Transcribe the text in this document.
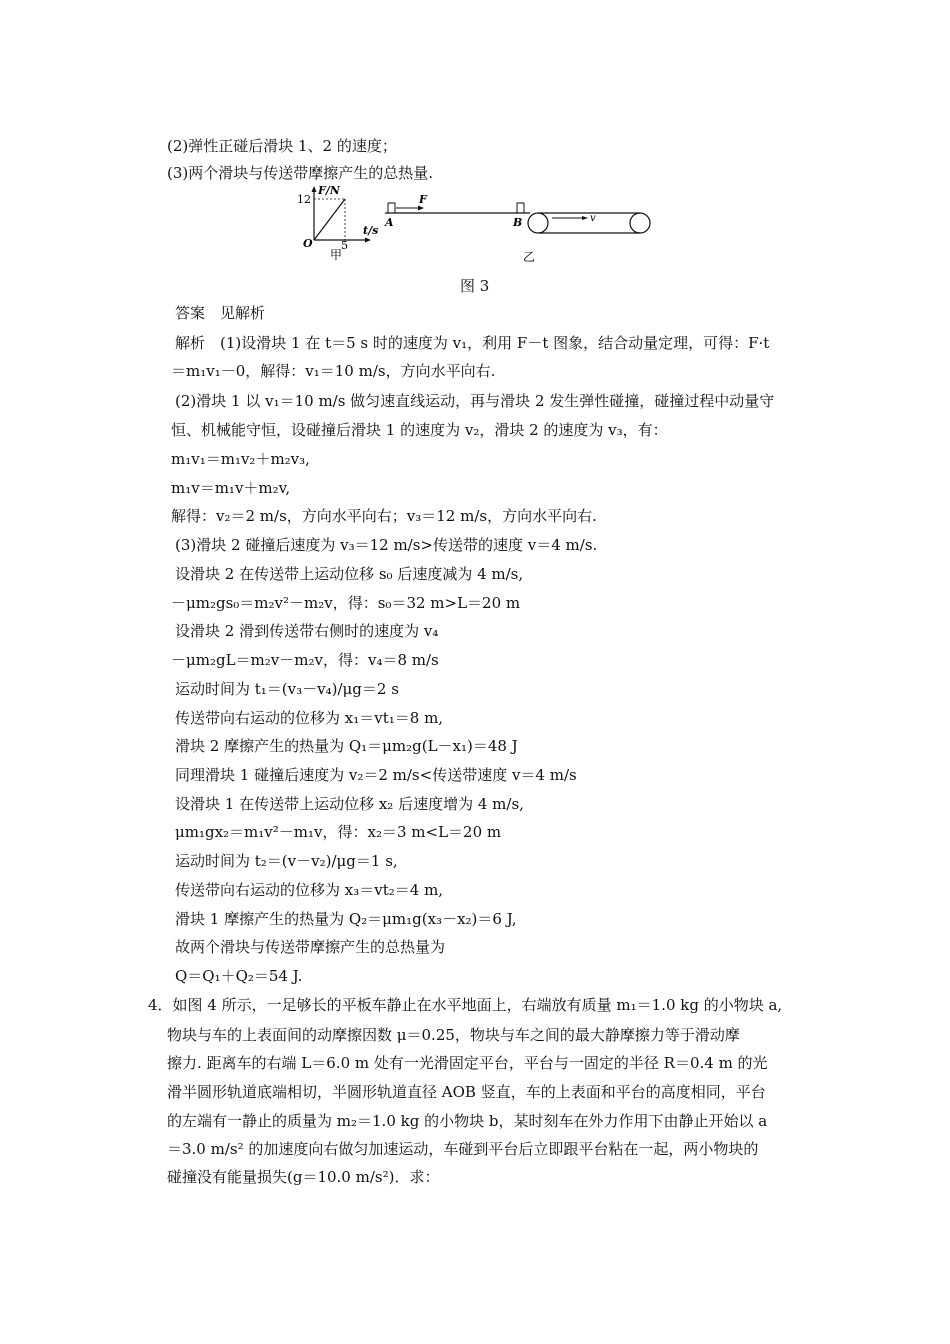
(2)弹性正碰后滑块 1、2 的速度；
(3)两个滑块与传送带摩擦产生的总热量.
F/N
12
O	5
t/s
甲
F
A	B	v
乙
图 3
答案　见解析
解析　(1)设滑块 1 在 t＝5 s 时的速度为 v₁，利用 F－t 图象，结合动量定理，可得：F·t
＝m₁v₁－0，解得：v₁＝10 m/s，方向水平向右.
(2)滑块 1 以 v₁＝10 m/s 做匀速直线运动，再与滑块 2 发生弹性碰撞，碰撞过程中动量守
恒、机械能守恒，设碰撞后滑块 1 的速度为 v₂，滑块 2 的速度为 v₃，有：
m₁v₁＝m₁v₂＋m₂v₃,
m₁v＝m₁v＋m₂v,
解得：v₂＝2 m/s，方向水平向右；v₃＝12 m/s，方向水平向右.
(3)滑块 2 碰撞后速度为 v₃＝12 m/s>传送带的速度 v＝4 m/s.
设滑块 2 在传送带上运动位移 s₀ 后速度减为 4 m/s,
－μm₂gs₀＝m₂v²－m₂v，得：s₀＝32 m>L＝20 m
设滑块 2 滑到传送带右侧时的速度为 v₄
－μm₂gL＝m₂v－m₂v，得：v₄＝8 m/s
运动时间为 t₁＝(v₃－v₄)/μg＝2 s
传送带向右运动的位移为 x₁＝vt₁＝8 m,
滑块 2 摩擦产生的热量为 Q₁＝μm₂g(L－x₁)＝48 J
同理滑块 1 碰撞后速度为 v₂＝2 m/s<传送带速度 v＝4 m/s
设滑块 1 在传送带上运动位移 x₂ 后速度增为 4 m/s,
μm₁gx₂＝m₁v²－m₁v，得：x₂＝3 m<L＝20 m
运动时间为 t₂＝(v－v₂)/μg＝1 s,
传送带向右运动的位移为 x₃＝vt₂＝4 m,
滑块 1 摩擦产生的热量为 Q₂＝μm₁g(x₃－x₂)＝6 J,
故两个滑块与传送带摩擦产生的总热量为
Q＝Q₁＋Q₂＝54 J.
4．如图 4 所示，一足够长的平板车静止在水平地面上，右端放有质量 m₁＝1.0 kg 的小物块 a,
物块与车的上表面间的动摩擦因数 μ＝0.25，物块与车之间的最大静摩擦力等于滑动摩
擦力. 距离车的右端 L＝6.0 m 处有一光滑固定平台，平台与一固定的半径 R＝0.4 m 的光
滑半圆形轨道底端相切，半圆形轨道直径 AOB 竖直，车的上表面和平台的高度相同，平台
的左端有一静止的质量为 m₂＝1.0 kg 的小物块 b，某时刻车在外力作用下由静止开始以 a
＝3.0 m/s² 的加速度向右做匀加速运动，车碰到平台后立即跟平台粘在一起，两小物块的
碰撞没有能量损失(g＝10.0 m/s²)．求：
